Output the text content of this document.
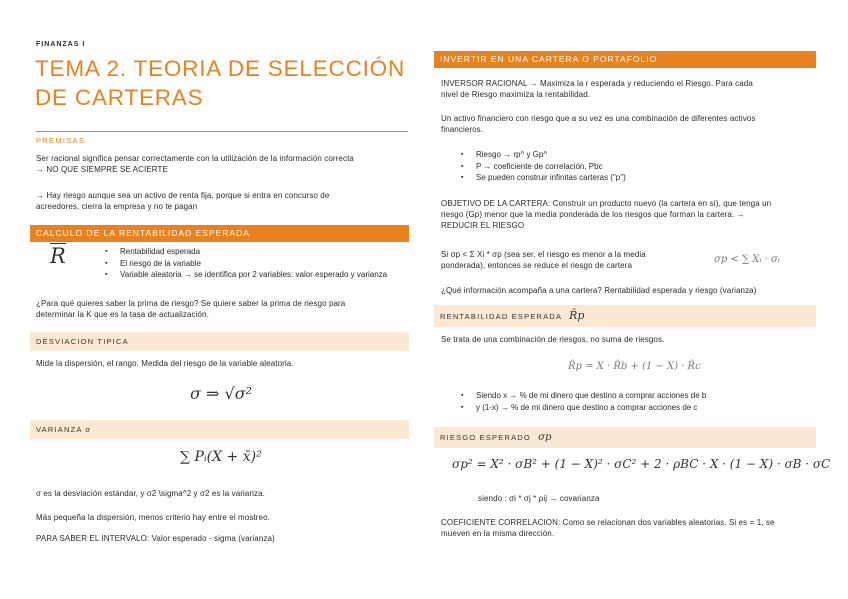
FINANZAS I
TEMA 2. TEORIA DE SELECCIÓN DE CARTERAS
PREMISAS
Ser racional significa pensar correctamente con la utilización de la información correcta
→ NO QUE SIEMPRE SE ACIERTE
→ Hay riesgo aunque sea un activo de renta fija, porque si entra en concurso de
acreedores, cierra la empresa y no te pagan
CALCULO DE LA RENTABILIDAD ESPERADA
R
▪	Rentabilidad esperada
▪ El riesgo de la variable
▪ Variable aleatoria → se identifica por 2 variables: valor esperado y varianza
¿Para qué quieres saber la prima de riesgo? Se quiere saber la prima de riesgo para
determinar la K que es la tasa de actualización.
DESVIACION TIPICA
Mide la dispersión, el rango. Medida del riesgo de la variable aleatoria.
σ ⇒ √σ²
VARIANZA σ
∑ Pᵢ(X + x̄)²
σ es la desviación estándar, y σ2 \sigma^2 y σ2 es la varianza.
Más pequeña la dispersión, menos criterio hay entre el mostreo.
PARA SABER EL INTERVALO: Valor esperado - sigma (varianza)
INVERTIR EN UNA CARTERA O PORTAFOLIO
INVERSOR RACIONAL → Maximiza la r esperada y reduciendo el Riesgo. Para cada
nivel de Riesgo maximiza la rentabilidad.
Un activo financiero con riesgo que a su vez es una combinación de diferentes activos
financieros.
▪ Riesgo → rp^ y Gp^
▪ P → coeficiente de correlación, Pbc
▪ Se pueden construir infinitas carteras ("p")
OBJETIVO DE LA CARTERA: Construir un producto nuevo (la cartera en sí), que tenga un
riesgo (Gp) menor que la media ponderada de los riesgos que forman la cartera. →
REDUCIR EL RIESGO
Si σp < Σ Xi * σp (sea ser, el riesgo es menor a la media
ponderada), entonces se reduce el riesgo de cartera
σp < ∑ Xᵢ · σᵢ
¿Qué información acompaña a una cartera? Rentabilidad esperada y riesgo (varianza)
RENTABILIDAD ESPERADA R̄p
Se trata de una combinación de riesgos, no suma de riesgos.
R̂p = X · R̂b + (1 − X) · R̂c
▪ Siendo x → % de mi dinero que destino a comprar acciones de b
▪ y (1-x) → % de mi dinero que destino a comprar acciones de c
RIESGO ESPERADO σp
σp² = X² · σB² + (1 − X)² · σC² + 2 · ρBC · X · (1 − X) · σB · σC
siendo : σi * σj * ρij → covarianza
COEFICIENTE CORRELACION: Como se relacionan dos variables aleatorias. Si es = 1, se
mueven en la misma dirección.
